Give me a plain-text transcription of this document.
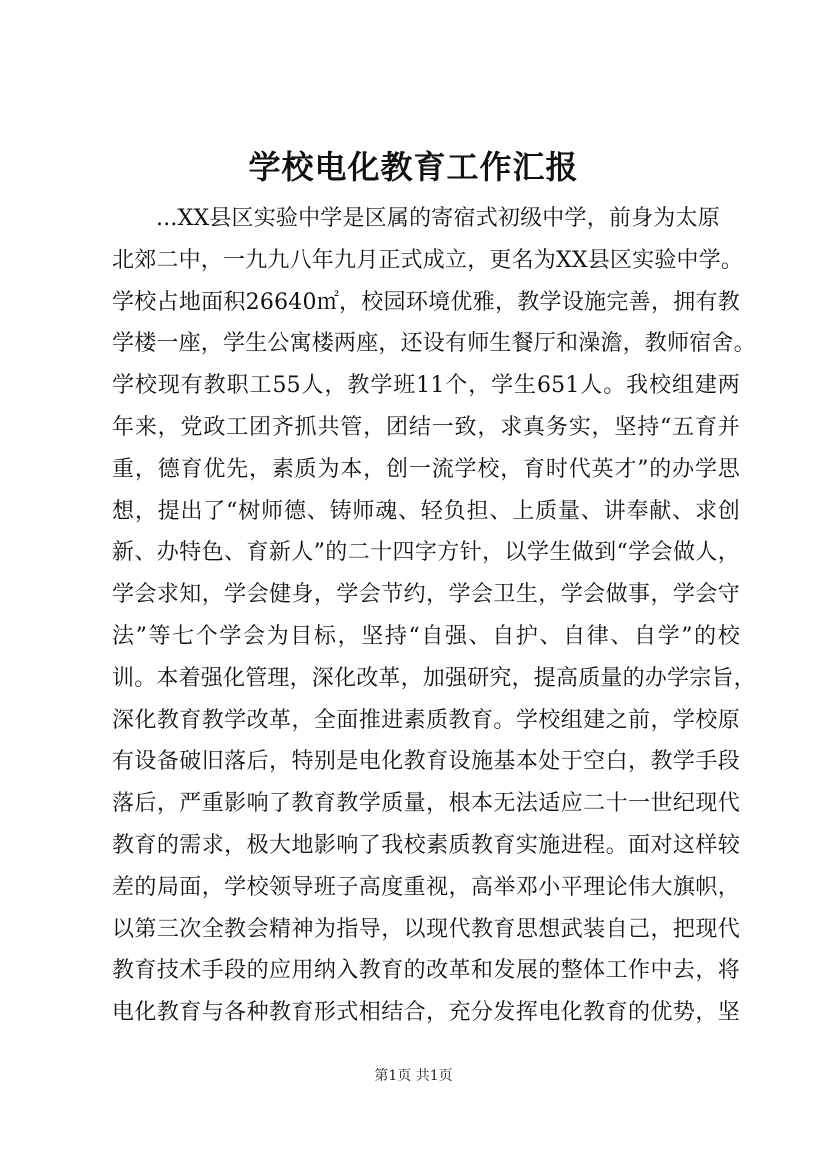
学校电化教育工作汇报
...XX县区实验中学是区属的寄宿式初级中学，前身为太原
北郊二中，一九九八年九月正式成立，更名为XX县区实验中学。
学校占地面积26640㎡，校园环境优雅，教学设施完善，拥有教
学楼一座，学生公寓楼两座，还设有师生餐厅和澡澹，教师宿舍。
学校现有教职工55人，教学班11个，学生651人。我校组建两
年来，党政工团齐抓共管，团结一致，求真务实，坚持“五育并
重，德育优先，素质为本，创一流学校，育时代英才”的办学思
想，提出了“树师德、铸师魂、轻负担、上质量、讲奉献、求创
新、办特色、育新人”的二十四字方针，以学生做到“学会做人，
学会求知，学会健身，学会节约，学会卫生，学会做事，学会守
法”等七个学会为目标，坚持“自强、自护、自律、自学”的校
训。本着强化管理，深化改革，加强研究，提高质量的办学宗旨，
深化教育教学改革，全面推进素质教育。学校组建之前，学校原
有设备破旧落后，特别是电化教育设施基本处于空白，教学手段
落后，严重影响了教育教学质量，根本无法适应二十一世纪现代
教育的需求，极大地影响了我校素质教育实施进程。面对这样较
差的局面，学校领导班子高度重视，高举邓小平理论伟大旗帜，
以第三次全教会精神为指导，以现代教育思想武装自己，把现代
教育技术手段的应用纳入教育的改革和发展的整体工作中去，将
电化教育与各种教育形式相结合，充分发挥电化教育的优势，坚
第1页 共1页
